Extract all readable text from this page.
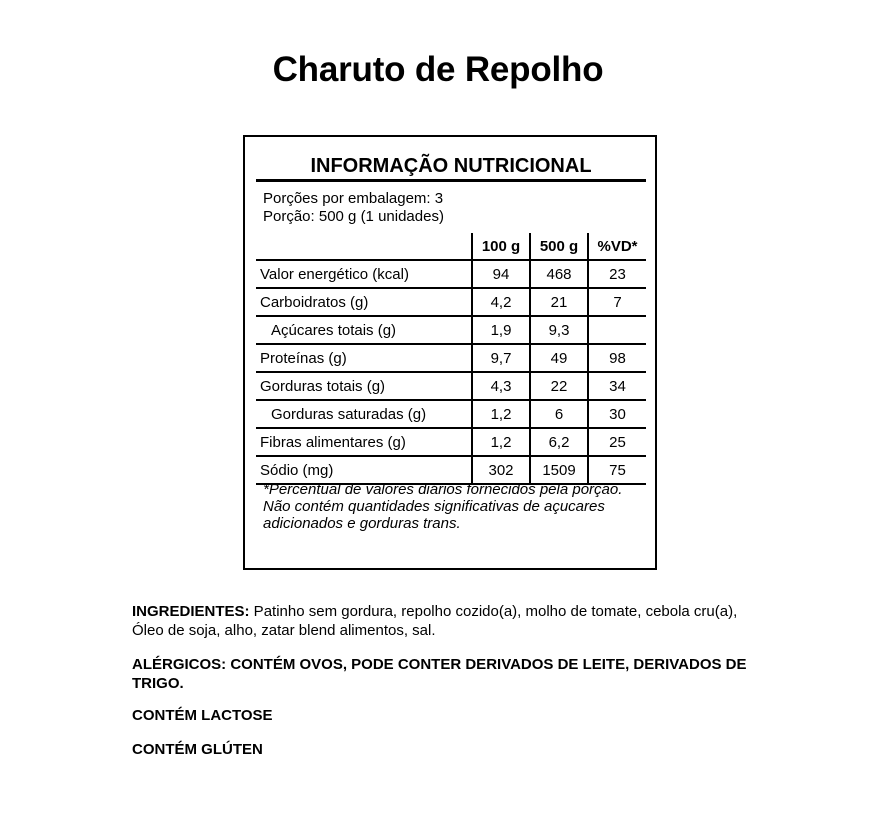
Charuto de Repolho
INFORMAÇÃO NUTRICIONAL
Porções por embalagem: 3
Porção: 500 g (1 unidades)
	100 g	500 g	%VD*
Valor energético (kcal)	94	468	23
Carboidratos (g)	4,2	21	7
Açúcares totais (g)	1,9	9,3	
Proteínas (g)	9,7	49	98
Gorduras totais (g)	4,3	22	34
Gorduras saturadas (g)	1,2	6	30
Fibras alimentares (g)	1,2	6,2	25
Sódio (mg)	302	1509	75

*Percentual de valores diários fornecidos pela porção.

Não contém quantidades significativas de açucares adicionados e gorduras trans.

INGREDIENTES: Patinho sem gordura, repolho cozido(a), molho de tomate, cebola cru(a), Óleo de soja, alho, zatar blend alimentos, sal.
ALÉRGICOS: CONTÉM OVOS, PODE CONTER DERIVADOS DE LEITE, DERIVADOS DE TRIGO.
CONTÉM LACTOSE
CONTÉM GLÚTEN
